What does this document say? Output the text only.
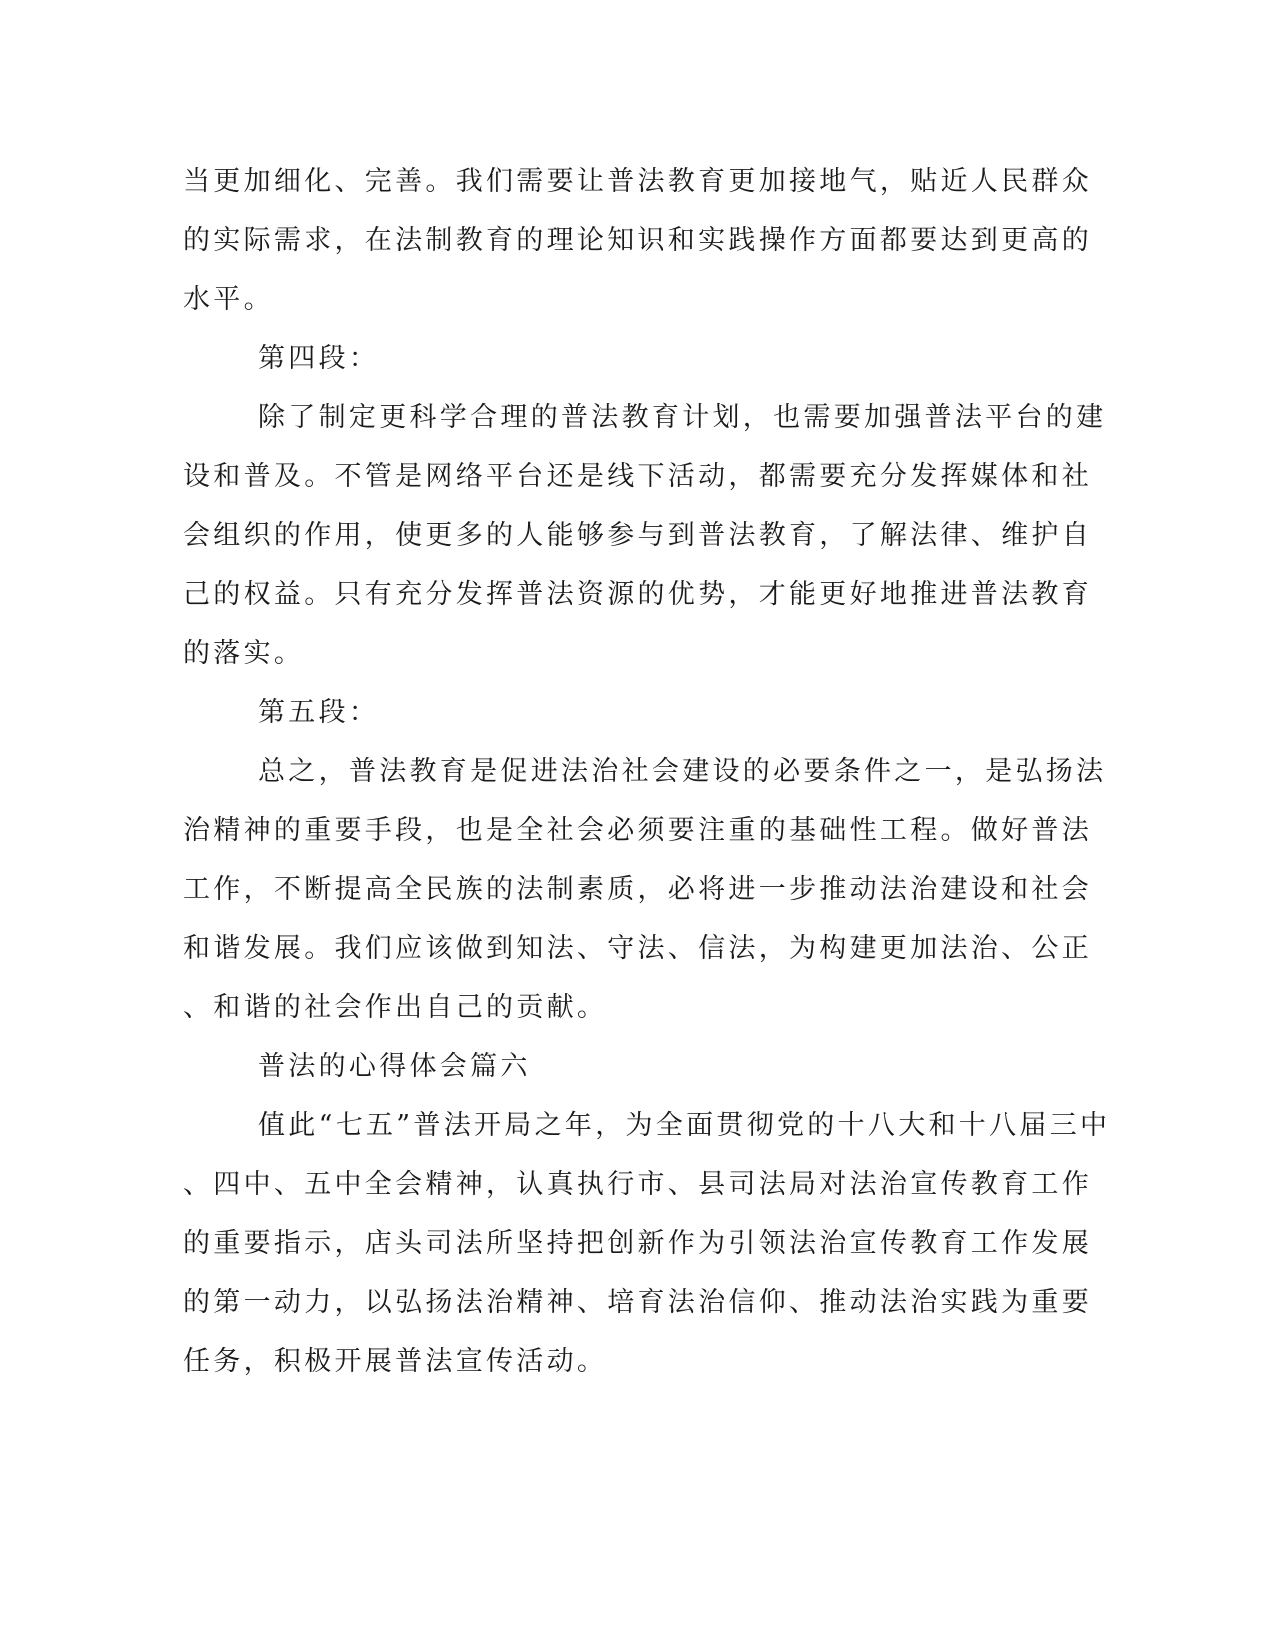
当更加细化、完善。我们需要让普法教育更加接地气，贴近人民群众
的实际需求，在法制教育的理论知识和实践操作方面都要达到更高的
水平。
第四段：
除了制定更科学合理的普法教育计划，也需要加强普法平台的建
设和普及。不管是网络平台还是线下活动，都需要充分发挥媒体和社
会组织的作用，使更多的人能够参与到普法教育，了解法律、维护自
己的权益。只有充分发挥普法资源的优势，才能更好地推进普法教育
的落实。
第五段：
总之，普法教育是促进法治社会建设的必要条件之一，是弘扬法
治精神的重要手段，也是全社会必须要注重的基础性工程。做好普法
工作，不断提高全民族的法制素质，必将进一步推动法治建设和社会
和谐发展。我们应该做到知法、守法、信法，为构建更加法治、公正
、和谐的社会作出自己的贡献。
普法的心得体会篇六
值此“七五”普法开局之年，为全面贯彻党的十八大和十八届三中
、四中、五中全会精神，认真执行市、县司法局对法治宣传教育工作
的重要指示，店头司法所坚持把创新作为引领法治宣传教育工作发展
的第一动力，以弘扬法治精神、培育法治信仰、推动法治实践为重要
任务，积极开展普法宣传活动。
